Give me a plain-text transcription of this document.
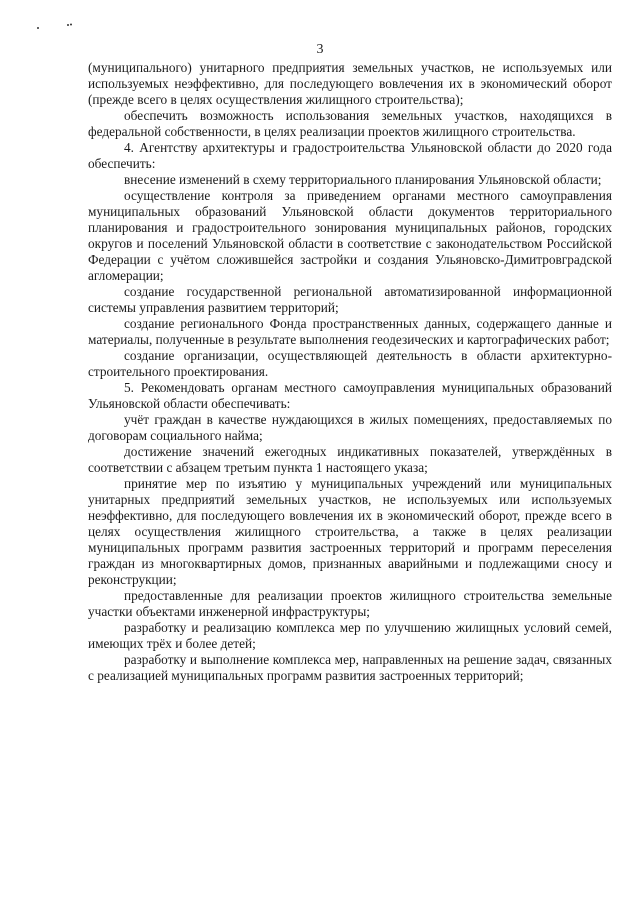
3

(муниципального) унитарного предприятия земельных участков, не используемых или используемых неэффективно, для последующего вовлечения их в экономический оборот (прежде всего в целях осуществления жилищного строительства);

обеспечить возможность использования земельных участков, находящихся в федеральной собственности, в целях реализации проектов жилищного строительства.

4. Агентству архитектуры и градостроительства Ульяновской области до 2020 года обеспечить:

внесение изменений в схему территориального планирования Ульяновской области;

осуществление контроля за приведением органами местного самоуправления муниципальных образований Ульяновской области документов территориального планирования и градостроительного зонирования муниципальных районов, городских округов и поселений Ульяновской области в соответствие с законодательством Российской Федерации с учётом сложившейся застройки и создания Ульяновско-Димитровградской агломерации;

создание государственной региональной автоматизированной информационной системы управления развитием территорий;

создание регионального Фонда пространственных данных, содержащего данные и материалы, полученные в результате выполнения геодезических и картографических работ;

создание организации, осуществляющей деятельность в области архитектурно-строительного проектирования.

5. Рекомендовать органам местного самоуправления муниципальных образований Ульяновской области обеспечивать:

учёт граждан в качестве нуждающихся в жилых помещениях, предоставляемых по договорам социального найма;

достижение значений ежегодных индикативных показателей, утверждённых в соответствии с абзацем третьим пункта 1 настоящего указа;

принятие мер по изъятию у муниципальных учреждений или муниципальных унитарных предприятий земельных участков, не используемых или используемых неэффективно, для последующего вовлечения их в экономический оборот, прежде всего в целях осуществления жилищного строительства, а также в целях реализации муниципальных программ развития застроенных территорий и программ переселения граждан из многоквартирных домов, признанных аварийными и подлежащими сносу и реконструкции;

предоставленные для реализации проектов жилищного строительства земельные участки объектами инженерной инфраструктуры;

разработку и реализацию комплекса мер по улучшению жилищных условий семей, имеющих трёх и более детей;

разработку и выполнение комплекса мер, направленных на решение задач, связанных с реализацией муниципальных программ развития застроенных территорий;
